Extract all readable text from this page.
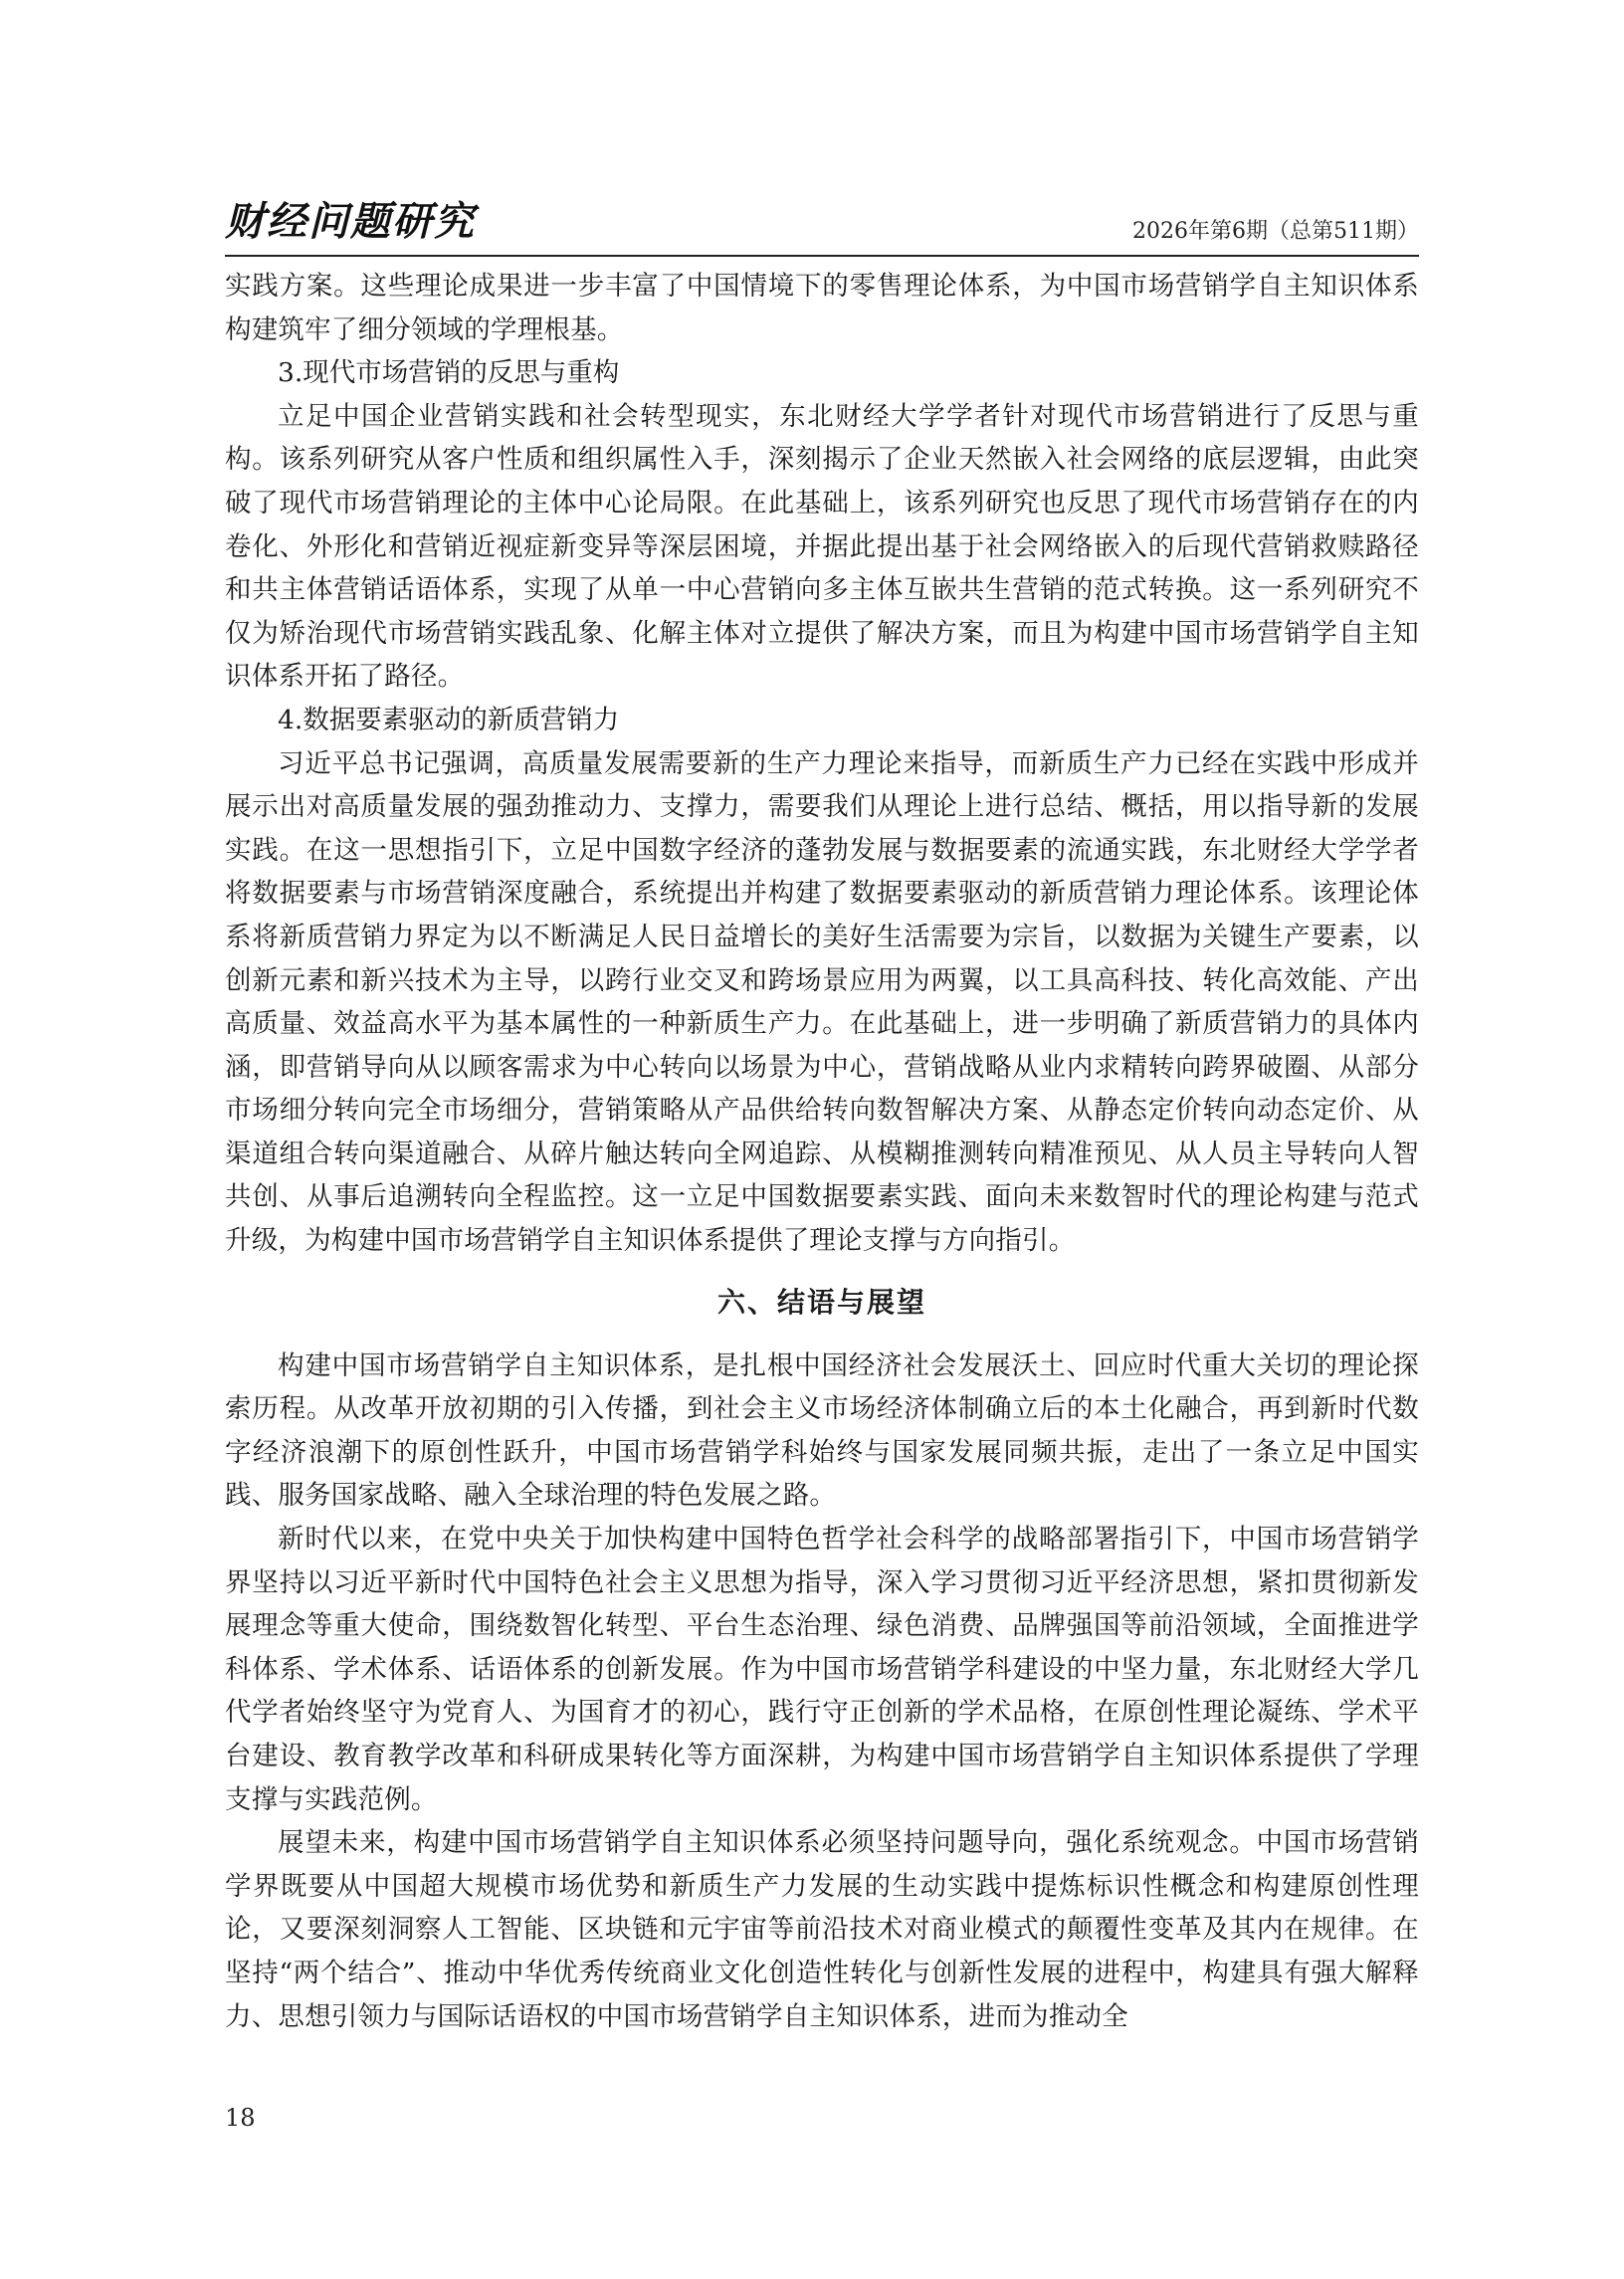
财经问题研究	2026年第6期（总第511期）

实践方案。这些理论成果进一步丰富了中国情境下的零售理论体系，为中国市场营销学自主知识体系构建筑牢了细分领域的学理根基。

3.现代市场营销的反思与重构

立足中国企业营销实践和社会转型现实，东北财经大学学者针对现代市场营销进行了反思与重构。该系列研究从客户性质和组织属性入手，深刻揭示了企业天然嵌入社会网络的底层逻辑，由此突破了现代市场营销理论的主体中心论局限。在此基础上，该系列研究也反思了现代市场营销存在的内卷化、外形化和营销近视症新变异等深层困境，并据此提出基于社会网络嵌入的后现代营销救赎路径和共主体营销话语体系，实现了从单一中心营销向多主体互嵌共生营销的范式转换。这一系列研究不仅为矫治现代市场营销实践乱象、化解主体对立提供了解决方案，而且为构建中国市场营销学自主知识体系开拓了路径。

4.数据要素驱动的新质营销力

习近平总书记强调，高质量发展需要新的生产力理论来指导，而新质生产力已经在实践中形成并展示出对高质量发展的强劲推动力、支撑力，需要我们从理论上进行总结、概括，用以指导新的发展实践。在这一思想指引下，立足中国数字经济的蓬勃发展与数据要素的流通实践，东北财经大学学者将数据要素与市场营销深度融合，系统提出并构建了数据要素驱动的新质营销力理论体系。该理论体系将新质营销力界定为以不断满足人民日益增长的美好生活需要为宗旨，以数据为关键生产要素，以创新元素和新兴技术为主导，以跨行业交叉和跨场景应用为两翼，以工具高科技、转化高效能、产出高质量、效益高水平为基本属性的一种新质生产力。在此基础上，进一步明确了新质营销力的具体内涵，即营销导向从以顾客需求为中心转向以场景为中心，营销战略从业内求精转向跨界破圈、从部分市场细分转向完全市场细分，营销策略从产品供给转向数智解决方案、从静态定价转向动态定价、从渠道组合转向渠道融合、从碎片触达转向全网追踪、从模糊推测转向精准预见、从人员主导转向人智共创、从事后追溯转向全程监控。这一立足中国数据要素实践、面向未来数智时代的理论构建与范式升级，为构建中国市场营销学自主知识体系提供了理论支撑与方向指引。

六、结语与展望

构建中国市场营销学自主知识体系，是扎根中国经济社会发展沃土、回应时代重大关切的理论探索历程。从改革开放初期的引入传播，到社会主义市场经济体制确立后的本土化融合，再到新时代数字经济浪潮下的原创性跃升，中国市场营销学科始终与国家发展同频共振，走出了一条立足中国实践、服务国家战略、融入全球治理的特色发展之路。

新时代以来，在党中央关于加快构建中国特色哲学社会科学的战略部署指引下，中国市场营销学界坚持以习近平新时代中国特色社会主义思想为指导，深入学习贯彻习近平经济思想，紧扣贯彻新发展理念等重大使命，围绕数智化转型、平台生态治理、绿色消费、品牌强国等前沿领域，全面推进学科体系、学术体系、话语体系的创新发展。作为中国市场营销学科建设的中坚力量，东北财经大学几代学者始终坚守为党育人、为国育才的初心，践行守正创新的学术品格，在原创性理论凝练、学术平台建设、教育教学改革和科研成果转化等方面深耕，为构建中国市场营销学自主知识体系提供了学理支撑与实践范例。

展望未来，构建中国市场营销学自主知识体系必须坚持问题导向，强化系统观念。中国市场营销学界既要从中国超大规模市场优势和新质生产力发展的生动实践中提炼标识性概念和构建原创性理论，又要深刻洞察人工智能、区块链和元宇宙等前沿技术对商业模式的颠覆性变革及其内在规律。在坚持“两个结合”、推动中华优秀传统商业文化创造性转化与创新性发展的进程中，构建具有强大解释力、思想引领力与国际话语权的中国市场营销学自主知识体系，进而为推动全

18
